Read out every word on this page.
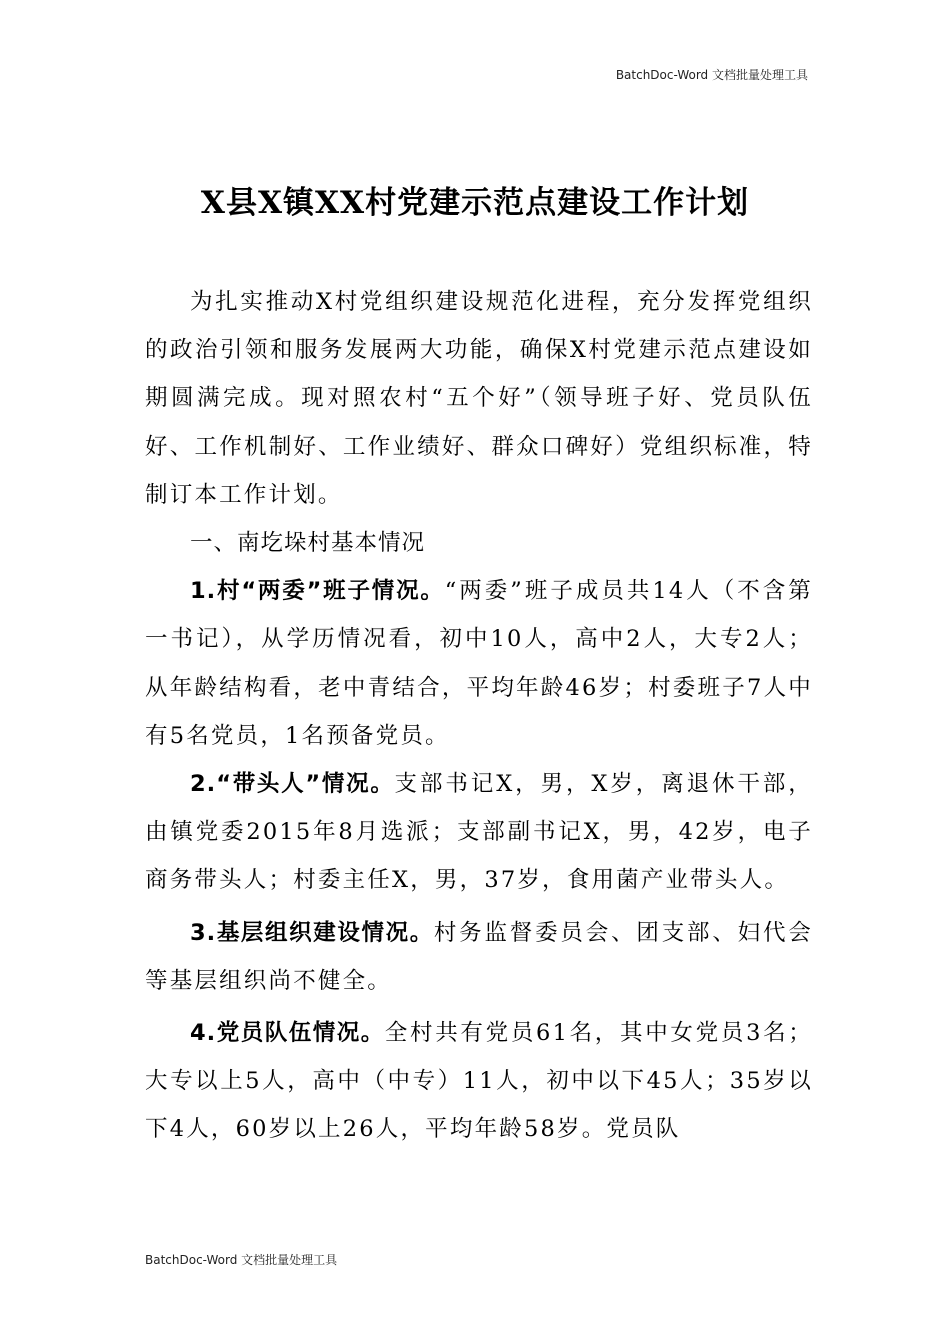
BatchDoc-Word 文档批量处理工具
X县X镇XX村党建示范点建设工作计划

为扎实推动X村党组织建设规范化进程，充分发挥党组织的政治引领和服务发展两大功能，确保X村党建示范点建设如期圆满完成。现对照农村“五个好”（领导班子好、党员队伍好、工作机制好、工作业绩好、群众口碑好）党组织标准，特制订本工作计划。

一、南圪垛村基本情况

1.村“两委”班子情况。“两委”班子成员共14人（不含第一书记），从学历情况看，初中10人，高中2人，大专2人；从年龄结构看，老中青结合，平均年龄46岁；村委班子7人中有5名党员，1名预备党员。

2.“带头人”情况。支部书记X，男，X岁，离退休干部，由镇党委2015年8月选派；支部副书记X，男，42岁，电子商务带头人；村委主任X，男，37岁，食用菌产业带头人。

3.基层组织建设情况。村务监督委员会、团支部、妇代会等基层组织尚不健全。

4.党员队伍情况。全村共有党员61名，其中女党员3名；大专以上5人，高中（中专）11人，初中以下45人；35岁以下4人，60岁以上26人，平均年龄58岁。党员队

BatchDoc-Word 文档批量处理工具
